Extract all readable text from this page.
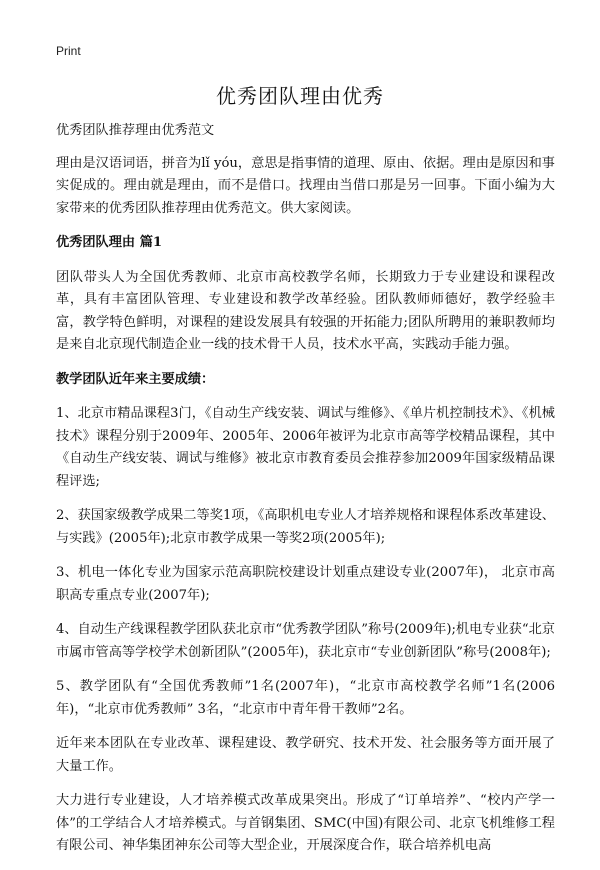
Print
优秀团队理由优秀

优秀团队推荐理由优秀范文

理由是汉语词语，拼音为lǐ yóu，意思是指事情的道理、原由、依据。理由是原因和事实促成的。理由就是理由，而不是借口。找理由当借口那是另一回事。下面小编为大家带来的优秀团队推荐理由优秀范文。供大家阅读。

优秀团队理由 篇1

团队带头人为全国优秀教师、北京市高校教学名师，长期致力于专业建设和课程改革，具有丰富团队管理、专业建设和教学改革经验。团队教师师德好，教学经验丰富，教学特色鲜明，对课程的建设发展具有较强的开拓能力;团队所聘用的兼职教师均是来自北京现代制造企业一线的技术骨干人员，技术水平高，实践动手能力强。

教学团队近年来主要成绩：

1、北京市精品课程3门，《自动生产线安装、调试与维修》、《单片机控制技术》、《机械技术》课程分别于2009年、2005年、2006年被评为北京市高等学校精品课程，其中《自动生产线安装、调试与维修》被北京市教育委员会推荐参加2009年国家级精品课程评选;

2、获国家级教学成果二等奖1项，《高职机电专业人才培养规格和课程体系改革建设、与实践》(2005年);北京市教学成果一等奖2项(2005年);

3、机电一体化专业为国家示范高职院校建设计划重点建设专业(2007年)， 北京市高职高专重点专业(2007年);

4、自动生产线课程教学团队获北京市“优秀教学团队”称号(2009年);机电专业获“北京市属市管高等学校学术创新团队”(2005年)，获北京市“专业创新团队”称号(2008年);

5、教学团队有“全国优秀教师”1名(2007年)，“北京市高校教学名师”1名(2006年)，“北京市优秀教师” 3名，“北京市中青年骨干教师”2名。

近年来本团队在专业改革、课程建设、教学研究、技术开发、社会服务等方面开展了大量工作。

大力进行专业建设，人才培养模式改革成果突出。形成了“订单培养”、“校内产学一体”的工学结合人才培养模式。与首钢集团、SMC(中国)有限公司、北京飞机维修工程有限公司、神华集团神东公司等大型企业，开展深度合作，联合培养机电高
